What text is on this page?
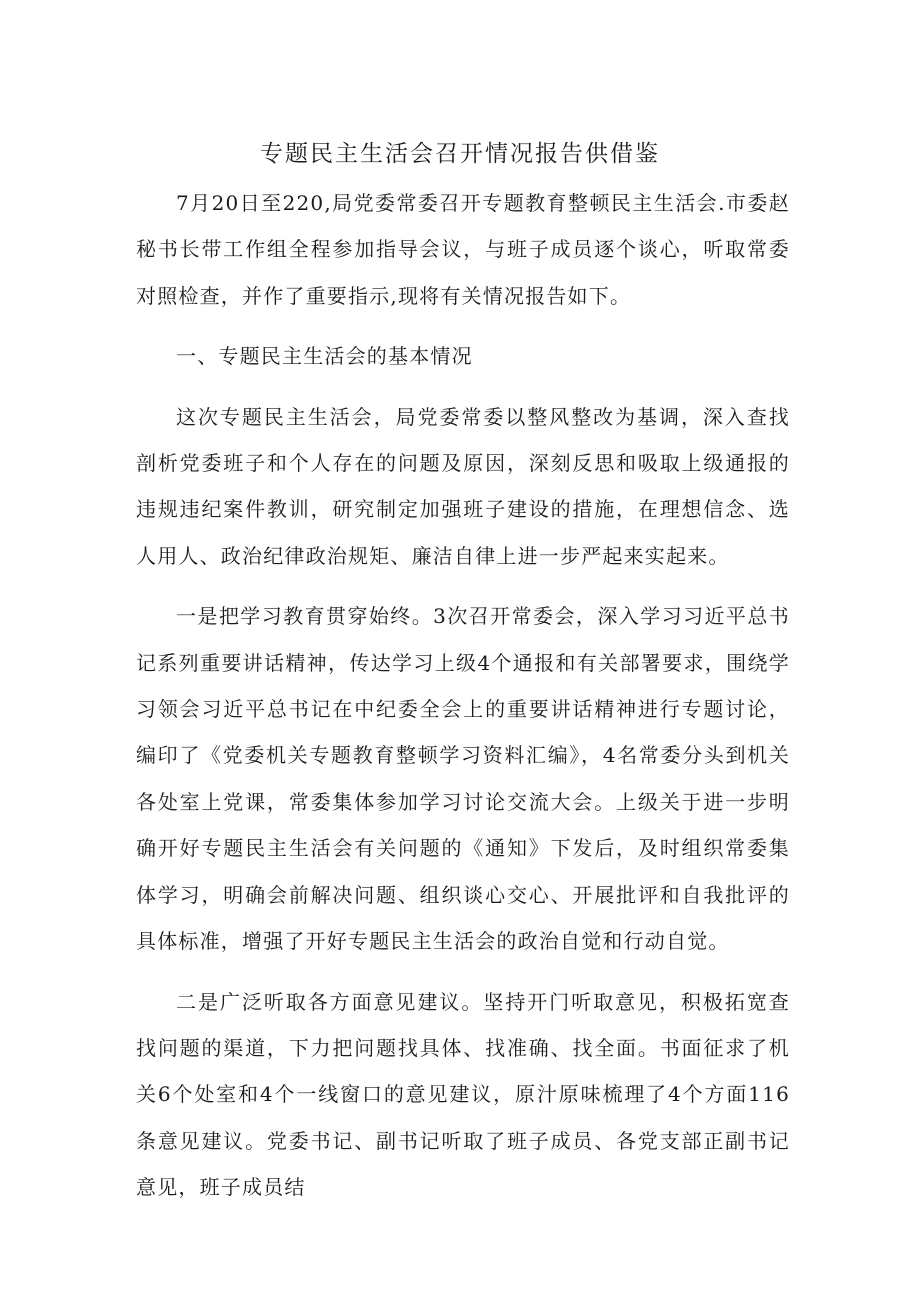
专题民主生活会召开情况报告供借鉴

7月20日至220,局党委常委召开专题教育整顿民主生活会.市委赵秘书长带工作组全程参加指导会议，与班子成员逐个谈心，听取常委对照检查，并作了重要指示,现将有关情况报告如下。

一、专题民主生活会的基本情况

这次专题民主生活会，局党委常委以整风整改为基调，深入查找剖析党委班子和个人存在的问题及原因，深刻反思和吸取上级通报的违规违纪案件教训，研究制定加强班子建设的措施，在理想信念、选人用人、政治纪律政治规矩、廉洁自律上进一步严起来实起来。

一是把学习教育贯穿始终。3次召开常委会，深入学习习近平总书记系列重要讲话精神，传达学习上级4个通报和有关部署要求，围绕学习领会习近平总书记在中纪委全会上的重要讲话精神进行专题讨论，编印了《党委机关专题教育整顿学习资料汇编》，4名常委分头到机关各处室上党课，常委集体参加学习讨论交流大会。上级关于进一步明确开好专题民主生活会有关问题的《通知》下发后，及时组织常委集体学习，明确会前解决问题、组织谈心交心、开展批评和自我批评的具体标准，增强了开好专题民主生活会的政治自觉和行动自觉。

二是广泛听取各方面意见建议。坚持开门听取意见，积极拓宽查找问题的渠道，下力把问题找具体、找准确、找全面。书面征求了机关6个处室和4个一线窗口的意见建议，原汁原味梳理了4个方面116条意见建议。党委书记、副书记听取了班子成员、各党支部正副书记意见，班子成员结
